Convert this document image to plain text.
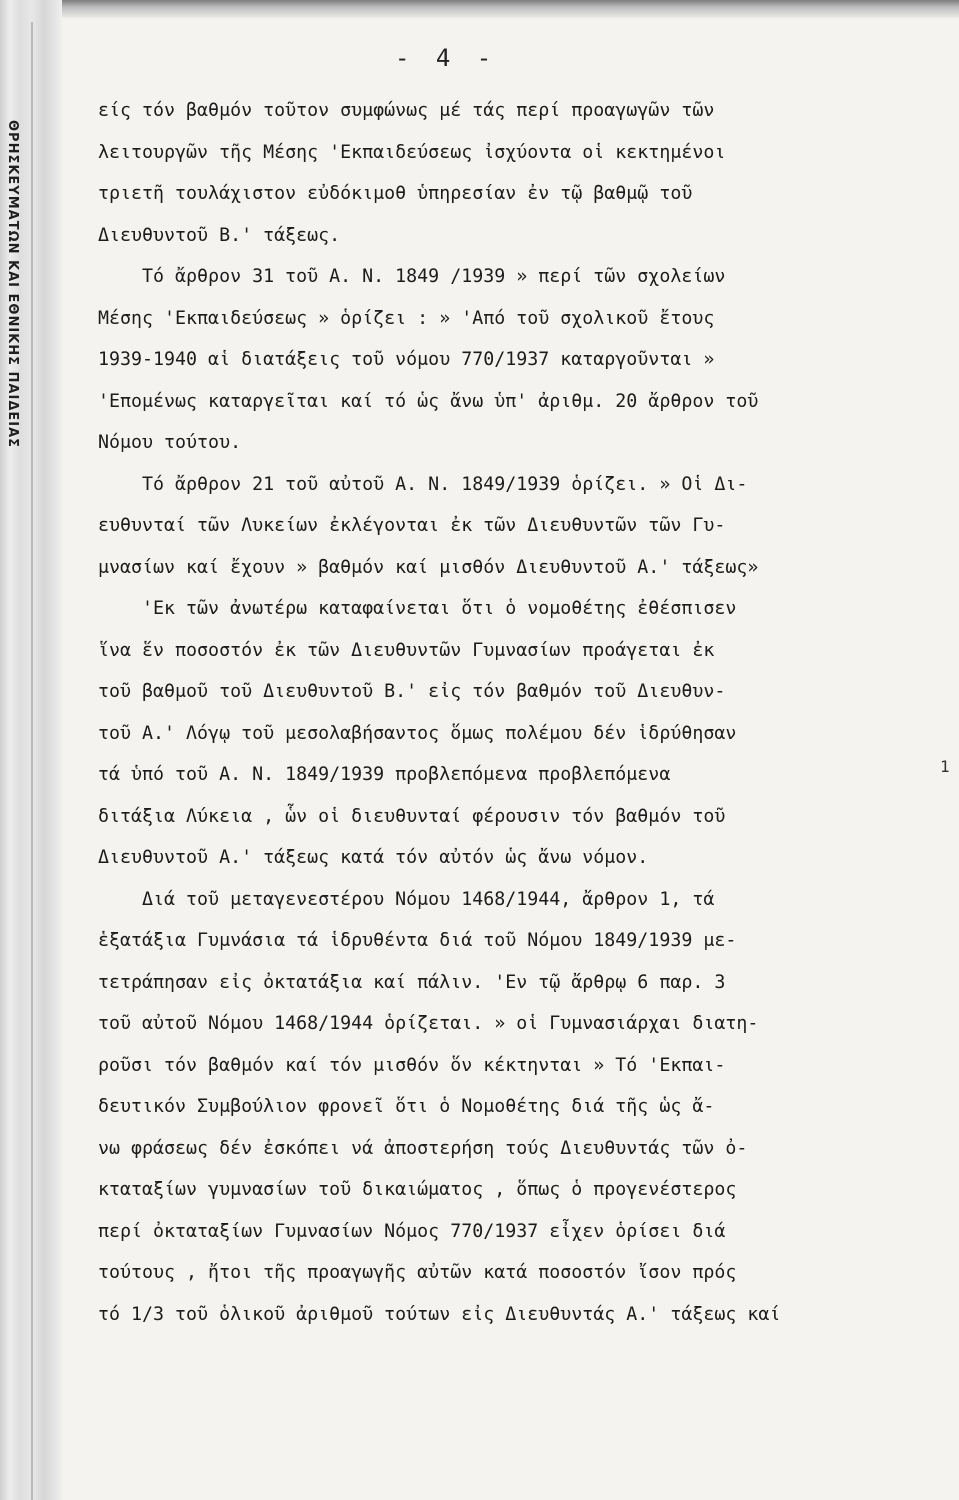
ΘΡΗΣΚΕΥΜΑΤΩΝ ΚΑΙ ΕΘΝΙΚΗΣ ΠΑΙΔΕΙΑΣ
- 4 -
είς τόν βαθμόν τοῦτον συμφώνως μέ τάς περί προαγωγῶν τῶν
λειτουργῶν τῆς Μέσης 'Εκπαιδεύσεως ἰσχύοντα οἱ κεκτημένοι
τριετῆ τουλάχιστον εὐδόκιμοθ ὑπηρεσίαν ἐν τῷ βαθμῷ τοῦ
Διευθυντοῦ Β.' τάξεως.
Τό ἄρθρον 31 τοῦ Α. Ν. 1849 /1939 » περί τῶν σχολείων
Μέσης 'Εκπαιδεύσεως » ὁρίζει : » 'Από τοῦ σχολικοῦ ἔτους
1939-1940 αἱ διατάξεις τοῦ νόμου 770/1937 καταργοῦνται »
'Επομένως καταργεῖται καί τό ὡς ἄνω ὑπ' ἀριθμ. 20 ἄρθρον τοῦ
Νόμου τούτου.
Τό ἄρθρον 21 τοῦ αὐτοῦ Α. Ν. 1849/1939 ὁρίζει. » Οἱ Δι-
ευθυνταί τῶν Λυκείων ἐκλέγονται ἐκ τῶν Διευθυντῶν τῶν Γυ-
μνασίων καί ἔχουν » βαθμόν καί μισθόν Διευθυντοῦ Α.' τάξεως»
'Εκ τῶν ἀνωτέρω καταφαίνεται ὅτι ὁ νομοθέτης ἐθέσπισεν
ἵνα ἕν ποσοστόν ἐκ τῶν Διευθυντῶν Γυμνασίων προάγεται ἐκ
τοῦ βαθμοῦ τοῦ Διευθυντοῦ Β.' εἰς τόν βαθμόν τοῦ Διευθυν-
τοῦ Α.' Λόγῳ τοῦ μεσολαβήσαντος ὅμως πολέμου δέν ἱδρύθησαν
τά ὑπό τοῦ Α. Ν. 1849/1939 προβλεπόμενα προβλεπόμενα
διτάξια Λύκεια , ὧν οἱ διευθυνταί φέρουσιν τόν βαθμόν τοῦ
Διευθυντοῦ Α.' τάξεως κατά τόν αὐτόν ὡς ἄνω νόμον.
Διά τοῦ μεταγενεστέρου Νόμου 1468/1944, ἄρθρον 1, τά
ἑξατάξια Γυμνάσια τά ἱδρυθέντα διά τοῦ Νόμου 1849/1939 με-
τετράπησαν εἰς ὀκτατάξια καί πάλιν. 'Εν τῷ ἄρθρῳ 6 παρ. 3
τοῦ αὐτοῦ Νόμου 1468/1944 ὁρίζεται. » οἱ Γυμνασιάρχαι διατη-
ροῦσι τόν βαθμόν καί τόν μισθόν ὅν κέκτηνται » Τό 'Εκπαι-
δευτικόν Συμβούλιον φρονεῖ ὅτι ὁ Νομοθέτης διά τῆς ὡς ἄ-
νω φράσεως δέν ἐσκόπει νά ἀποστερήση τούς Διευθυντάς τῶν ὀ-
κταταξίων γυμνασίων τοῦ δικαιώματος , ὅπως ὁ προγενέστερος
περί ὀκταταξίων Γυμνασίων Νόμος 770/1937 εἶχεν ὁρίσει διά
τούτους , ἤτοι τῆς προαγωγῆς αὐτῶν κατά ποσοστόν ἴσον πρός
τό 1/3 τοῦ ὁλικοῦ ἀριθμοῦ τούτων εἰς Διευθυντάς Α.' τάξεως καί
1
